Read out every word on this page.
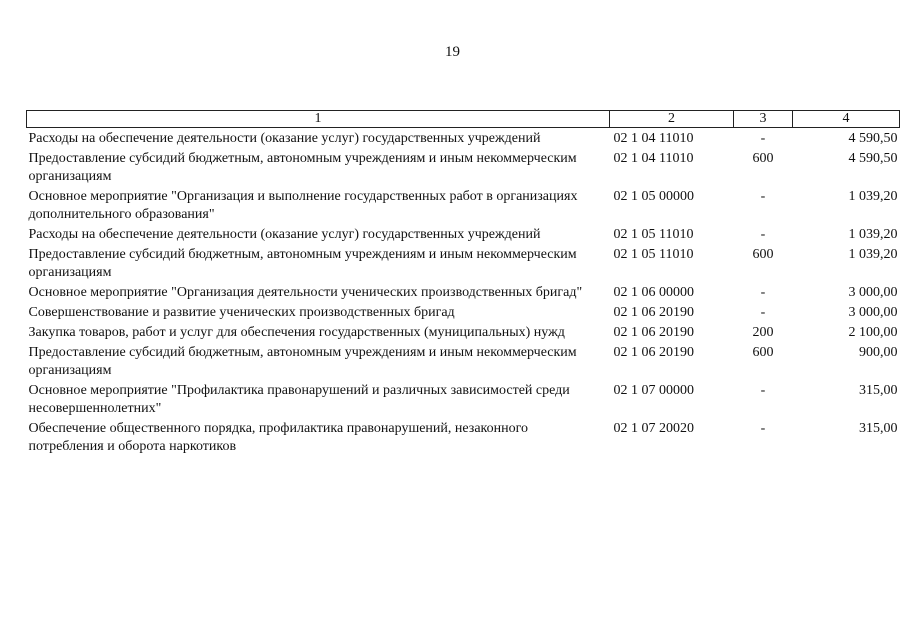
19
1	2	3	4
Расходы на обеспечение деятельности (оказание услуг) государственных учреждений	02 1 04 11010	-	4 590,50
Предоставление субсидий бюджетным, автономным учреждениям и иным некоммерческим организациям	02 1 04 11010	600	4 590,50
Основное мероприятие "Организация и выполнение государственных работ в организациях дополнительного образования"	02 1 05 00000	-	1 039,20
Расходы на обеспечение деятельности (оказание услуг) государственных учреждений	02 1 05 11010	-	1 039,20
Предоставление субсидий бюджетным, автономным учреждениям и иным некоммерческим организациям	02 1 05 11010	600	1 039,20
Основное мероприятие "Организация деятельности ученических производственных бригад"	02 1 06 00000	-	3 000,00
Совершенствование и развитие ученических производственных бригад	02 1 06 20190	-	3 000,00
Закупка товаров, работ и услуг для обеспечения государственных (муниципальных) нужд	02 1 06 20190	200	2 100,00
Предоставление субсидий бюджетным, автономным учреждениям и иным некоммерческим организациям	02 1 06 20190	600	900,00
Основное мероприятие "Профилактика правонарушений и различных зависимостей среди несовершеннолетних"	02 1 07 00000	-	315,00
Обеспечение общественного порядка, профилактика правонарушений, незаконного потребления и оборота наркотиков	02 1 07 20020	-	315,00
